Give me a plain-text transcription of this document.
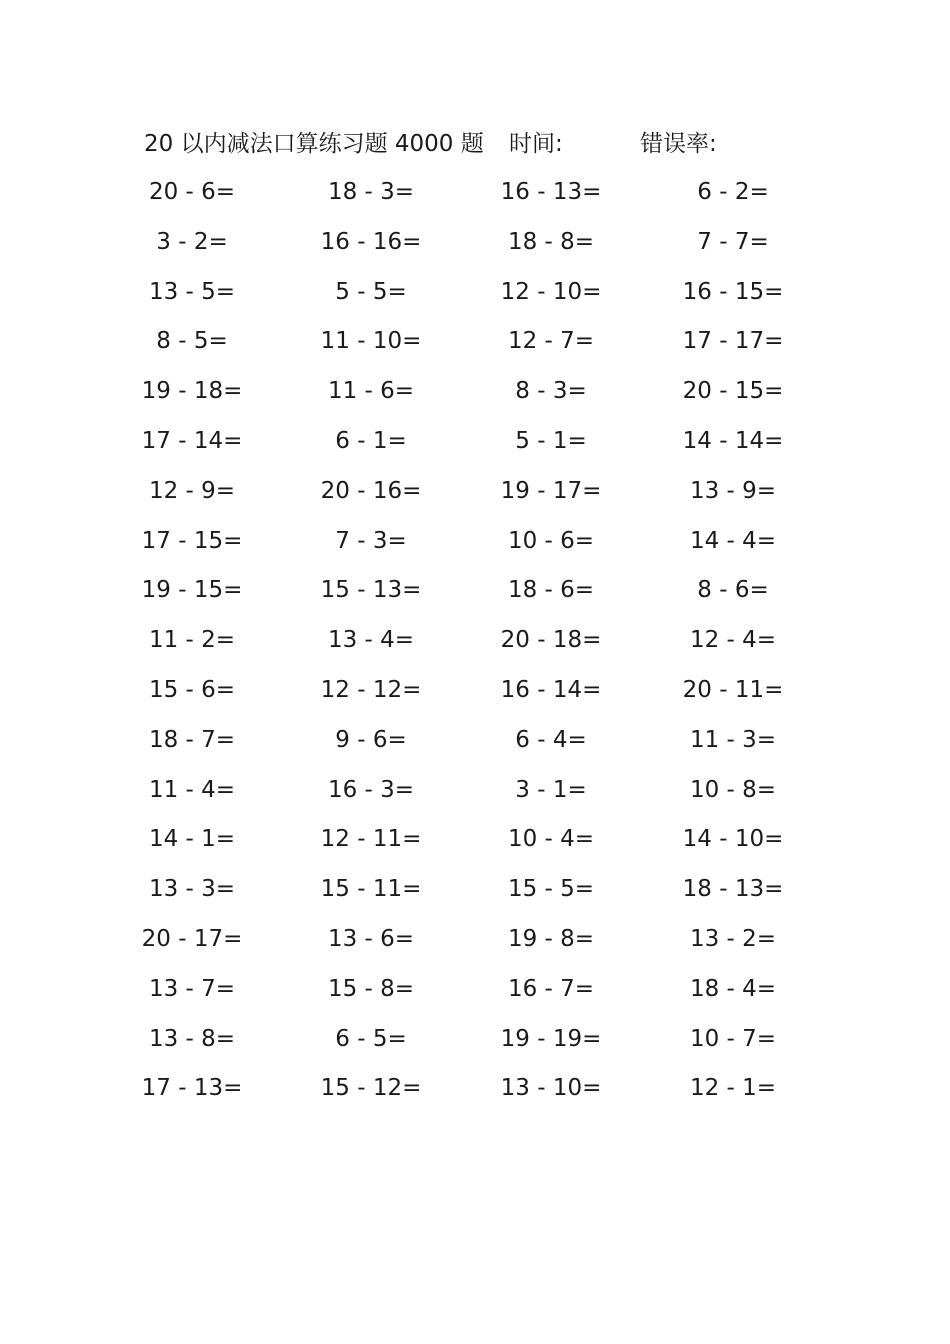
20 以内减法口算练习题 4000 题 时间:	错误率:
20 - 6=	18 - 3=	16 - 13=	6 - 2=
3 - 2=	16 - 16=	18 - 8=	7 - 7=
13 - 5=	5 - 5=	12 - 10=	16 - 15=
8 - 5=	11 - 10=	12 - 7=	17 - 17=
19 - 18=	11 - 6=	8 - 3=	20 - 15=
17 - 14=	6 - 1=	5 - 1=	14 - 14=
12 - 9=	20 - 16=	19 - 17=	13 - 9=
17 - 15=	7 - 3=	10 - 6=	14 - 4=
19 - 15=	15 - 13=	18 - 6=	8 - 6=
11 - 2=	13 - 4=	20 - 18=	12 - 4=
15 - 6=	12 - 12=	16 - 14=	20 - 11=
18 - 7=	9 - 6=	6 - 4=	11 - 3=
11 - 4=	16 - 3=	3 - 1=	10 - 8=
14 - 1=	12 - 11=	10 - 4=	14 - 10=
13 - 3=	15 - 11=	15 - 5=	18 - 13=
20 - 17=	13 - 6=	19 - 8=	13 - 2=
13 - 7=	15 - 8=	16 - 7=	18 - 4=
13 - 8=	6 - 5=	19 - 19=	10 - 7=
17 - 13=	15 - 12=	13 - 10=	12 - 1=
